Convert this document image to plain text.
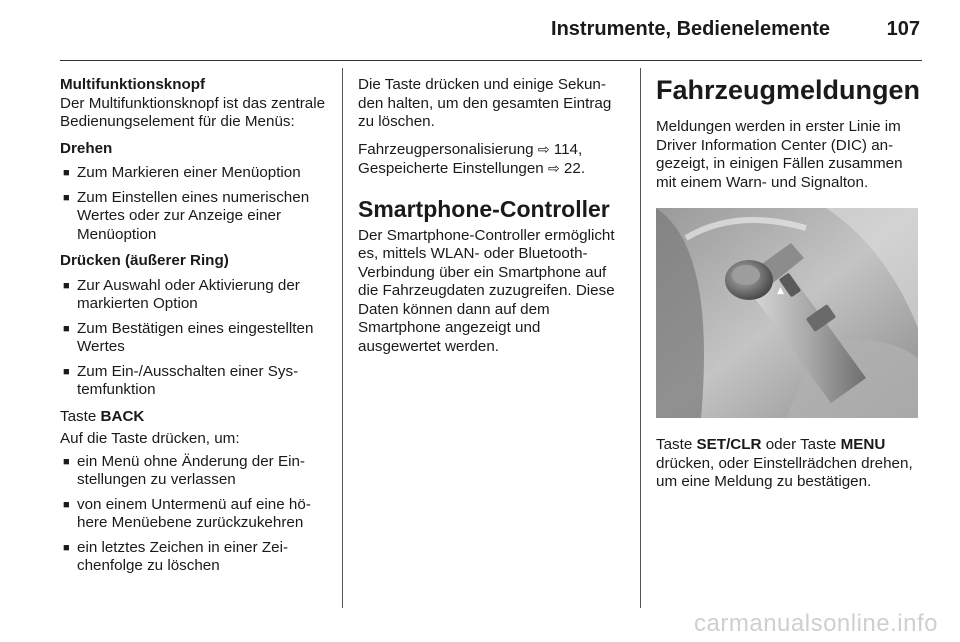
Instrumente, Bedienelemente	107
Multifunktionsknopf

Der Multifunktionsknopf ist das zentrale Bedienungselement für die Menüs:

Drehen
■ Zum Markieren einer Menüoption
■ Zum Einstellen eines numerischen Wertes oder zur Anzeige einer Menüoption
Drücken (äußerer Ring)
■ Zur Auswahl oder Aktivierung der markierten Option
■ Zum Bestätigen eines eingestellten Wertes
■ Zum Ein-/Ausschalten einer Systemfunktion

Taste BACK

Auf die Taste drücken, um:

■ ein Menü ohne Änderung der Einstellungen zu verlassen
■ von einem Untermenü auf eine höhere Menüebene zurückzukehren
■ ein letztes Zeichen in einer Zeichenfolge zu löschen

Die Taste drücken und einige Sekunden halten, um den gesamten Eintrag zu löschen.

Fahrzeugpersonalisierung ⇨ 114,
Gespeicherte Einstellungen ⇨ 22.

Smartphone-Controller

Der Smartphone-Controller ermöglicht es, mittels WLAN- oder Bluetooth-Verbindung über ein Smartphone auf die Fahrzeugdaten zuzugreifen. Diese Daten können dann auf dem Smartphone angezeigt und ausgewertet werden.

Fahrzeugmeldungen

Meldungen werden in erster Linie im Driver Information Center (DIC) angezeigt, in einigen Fällen zusammen mit einem Warn- und Signalton.

▲

Taste SET/CLR oder Taste MENU drücken, oder Einstellrädchen drehen, um eine Meldung zu bestätigen.

carmanualsonline.info
